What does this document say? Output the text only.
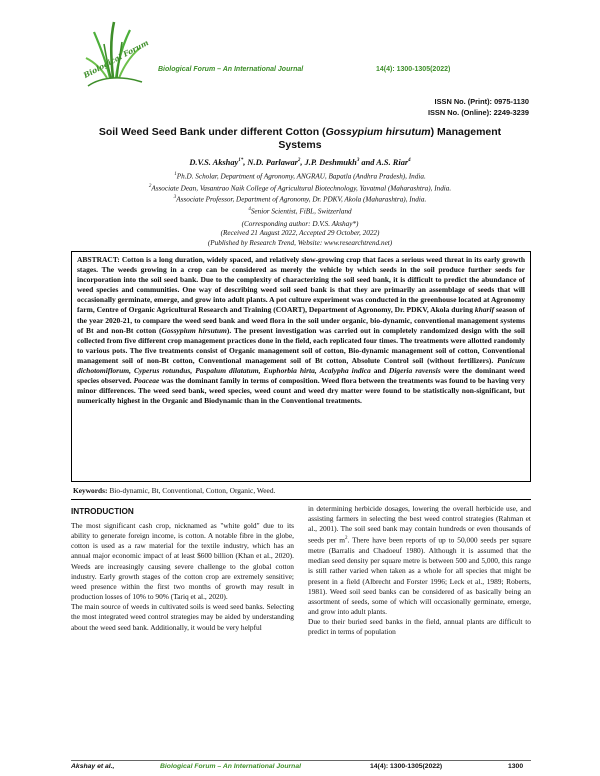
Biological Forum Biological Forum – An International Journal	14(4): 1300-1305(2022)
ISSN No. (Print): 0975-1130
ISSN No. (Online): 2249-3239
Soil Weed Seed Bank under different Cotton (Gossypium hirsutum) Management
Systems
D.V.S. Akshay$^{1*}$, N.D. Parlawar$^2$, J.P. Deshmukh$^3$ and A.S. Riar$^4$
$^1$Ph.D. Scholar, Department of Agronomy, ANGRAU, Bapatla (Andhra Pradesh), India.
$^2$Associate Dean, Vasantrao Naik College of Agricultural Biotechnology, Yavatmal (Maharashtra), India.
$^3$Associate Professor, Department of Agronomy, Dr. PDKV, Akola (Maharashtra), India.
$^4$Senior Scientist, FiBL, Switzerland
(Corresponding author: D.V.S. Akshay*)
(Received 21 August 2022, Accepted 29 October, 2022)
(Published by Research Trend, Website: www.researchtrend.net)

ABSTRACT: Cotton is a long duration, widely spaced, and relatively slow-growing crop that faces a serious weed threat in its early growth stages. The weeds growing in a crop can be considered as merely the vehicle by which seeds in the soil produce further seeds for incorporation into the soil seed bank. Due to the complexity of characterizing the soil seed bank, it is difficult to predict the abundance of weed species and communities. One way of describing weed soil seed bank is that they are primarily an assemblage of seeds that will occasionally germinate, emerge, and grow into adult plants. A pot culture experiment was conducted in the greenhouse located at Agronomy farm, Centre of Organic Agricultural Research and Training (COART), Department of Agronomy, Dr. PDKV, Akola during kharif season of the year 2020-21, to compare the weed seed bank and weed flora in the soil under organic, bio-dynamic, conventional management systems of Bt and non-Bt cotton (Gossypium hirsutum). The present investigation was carried out in completely randomized design with the soil collected from five different crop management practices done in the field, each replicated four times. The treatments were allotted randomly to various pots. The five treatments consist of Organic management soil of cotton, Bio-dynamic management soil of cotton, Conventional management soil of non-Bt cotton, Conventional management soil of Bt cotton, Absolute Control soil (without fertilizers). Panicum dichotomiflorum, Cyperus rotundus, Paspalum dilatatum, Euphorbia hirta, Acalypha indica and Digeria ravensis were the dominant weed species observed. Poaceae was the dominant family in terms of composition. Weed flora between the treatments was found to be having very minor differences. The weed seed bank, weed species, weed count and weed dry matter were found to be statistically non-significant, but numerically highest in the Organic and Biodynamic than in the Conventional treatments.

Keywords: Bio-dynamic, Bt, Conventional, Cotton, Organic, Weed.
INTRODUCTION

The most significant cash crop, nicknamed as "white gold" due to its ability to generate foreign income, is cotton. A notable fibre in the globe, cotton is used as a raw material for the textile industry, which has an annual major economic impact of at least $600 billion (Khan et al., 2020). Weeds are increasingly causing severe challenge to the global cotton industry. Early growth stages of the cotton crop are extremely sensitive; weed presence within the first two months of growth may result in production losses of 10% to 90% (Tariq et al., 2020).

The main source of weeds in cultivated soils is weed seed banks. Selecting the most integrated weed control strategies may be aided by understanding about the weed seed bank. Additionally, it would be very helpful

in determining herbicide dosages, lowering the overall herbicide use, and assisting farmers in selecting the best weed control strategies (Rahman et al., 2001). The soil seed bank may contain hundreds or even thousands of seeds per $m^2$. There have been reports of up to 50,000 seeds per square metre (Barralis and Chadoeuf 1980). Although it is assumed that the median seed density per square metre is between 500 and 5,000, this range is still rather varied when taken as a whole for all species that might be present in a field (Albrecht and Forster 1996; Leck et al., 1989; Roberts, 1981). Weed soil seed banks can be considered of as basically being an assortment of seeds, some of which will occasionally germinate, emerge, and grow into adult plants.

Due to their buried seed banks in the field, annual plants are difficult to predict in terms of population

Akshay et al.,	Biological Forum – An International Journal	14(4): 1300-1305(2022)	1300
